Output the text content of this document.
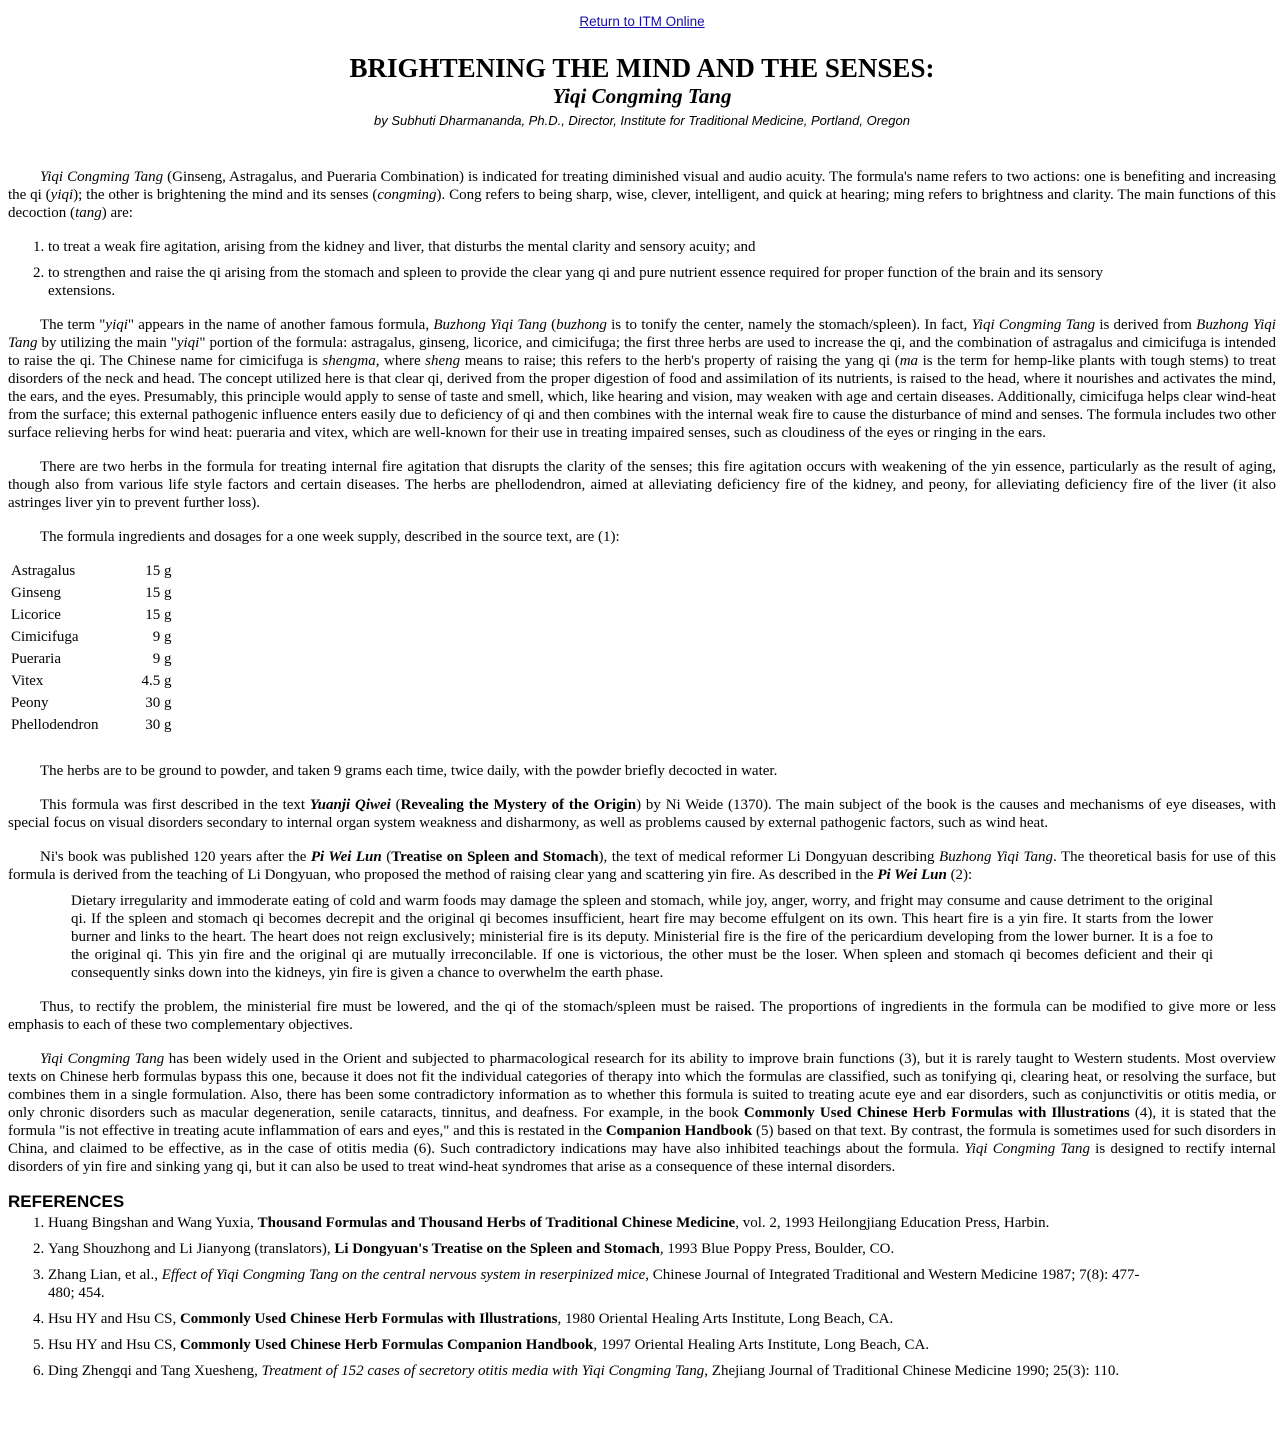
Return to ITM Online
BRIGHTENING THE MIND AND THE SENSES:
Yiqi Congming Tang
by Subhuti Dharmananda, Ph.D., Director, Institute for Traditional Medicine, Portland, Oregon

Yiqi Congming Tang (Ginseng, Astragalus, and Pueraria Combination) is indicated for treating diminished visual and audio acuity. The formula's name refers to two actions: one is benefiting and increasing the qi (yiqi); the other is brightening the mind and its senses (congming). Cong refers to being sharp, wise, clever, intelligent, and quick at hearing; ming refers to brightness and clarity. The main functions of this decoction (tang) are:

1. to treat a weak fire agitation, arising from the kidney and liver, that disturbs the mental clarity and sensory acuity; and
2. to strengthen and raise the qi arising from the stomach and spleen to provide the clear yang qi and pure nutrient essence required for proper function of the brain and its sensory extensions.

The term "yiqi" appears in the name of another famous formula, Buzhong Yiqi Tang (buzhong is to tonify the center, namely the stomach/spleen). In fact, Yiqi Congming Tang is derived from Buzhong Yiqi Tang by utilizing the main "yiqi" portion of the formula: astragalus, ginseng, licorice, and cimicifuga; the first three herbs are used to increase the qi, and the combination of astragalus and cimicifuga is intended to raise the qi. The Chinese name for cimicifuga is shengma, where sheng means to raise; this refers to the herb's property of raising the yang qi (ma is the term for hemp-like plants with tough stems) to treat disorders of the neck and head. The concept utilized here is that clear qi, derived from the proper digestion of food and assimilation of its nutrients, is raised to the head, where it nourishes and activates the mind, the ears, and the eyes. Presumably, this principle would apply to sense of taste and smell, which, like hearing and vision, may weaken with age and certain diseases. Additionally, cimicifuga helps clear wind-heat from the surface; this external pathogenic influence enters easily due to deficiency of qi and then combines with the internal weak fire to cause the disturbance of mind and senses. The formula includes two other surface relieving herbs for wind heat: pueraria and vitex, which are well-known for their use in treating impaired senses, such as cloudiness of the eyes or ringing in the ears.

There are two herbs in the formula for treating internal fire agitation that disrupts the clarity of the senses; this fire agitation occurs with weakening of the yin essence, particularly as the result of aging, though also from various life style factors and certain diseases. The herbs are phellodendron, aimed at alleviating deficiency fire of the kidney, and peony, for alleviating deficiency fire of the liver (it also astringes liver yin to prevent further loss).

The formula ingredients and dosages for a one week supply, described in the source text, are (1):

Astragalus	15 g
Ginseng	15 g
Licorice	15 g
Cimicifuga	9 g
Pueraria	9 g
Vitex	4.5 g
Peony	30 g
Phellodendron	30 g

The herbs are to be ground to powder, and taken 9 grams each time, twice daily, with the powder briefly decocted in water.

This formula was first described in the text Yuanji Qiwei (Revealing the Mystery of the Origin) by Ni Weide (1370). The main subject of the book is the causes and mechanisms of eye diseases, with special focus on visual disorders secondary to internal organ system weakness and disharmony, as well as problems caused by external pathogenic factors, such as wind heat.

Ni's book was published 120 years after the Pi Wei Lun (Treatise on Spleen and Stomach), the text of medical reformer Li Dongyuan describing Buzhong Yiqi Tang. The theoretical basis for use of this formula is derived from the teaching of Li Dongyuan, who proposed the method of raising clear yang and scattering yin fire. As described in the Pi Wei Lun (2):

Dietary irregularity and immoderate eating of cold and warm foods may damage the spleen and stomach, while joy, anger, worry, and fright may consume and cause detriment to the original qi. If the spleen and stomach qi becomes decrepit and the original qi becomes insufficient, heart fire may become effulgent on its own. This heart fire is a yin fire. It starts from the lower burner and links to the heart. The heart does not reign exclusively; ministerial fire is its deputy. Ministerial fire is the fire of the pericardium developing from the lower burner. It is a foe to the original qi. This yin fire and the original qi are mutually irreconcilable. If one is victorious, the other must be the loser. When spleen and stomach qi becomes deficient and their qi consequently sinks down into the kidneys, yin fire is given a chance to overwhelm the earth phase.

Thus, to rectify the problem, the ministerial fire must be lowered, and the qi of the stomach/spleen must be raised. The proportions of ingredients in the formula can be modified to give more or less emphasis to each of these two complementary objectives.

Yiqi Congming Tang has been widely used in the Orient and subjected to pharmacological research for its ability to improve brain functions (3), but it is rarely taught to Western students. Most overview texts on Chinese herb formulas bypass this one, because it does not fit the individual categories of therapy into which the formulas are classified, such as tonifying qi, clearing heat, or resolving the surface, but combines them in a single formulation. Also, there has been some contradictory information as to whether this formula is suited to treating acute eye and ear disorders, such as conjunctivitis or otitis media, or only chronic disorders such as macular degeneration, senile cataracts, tinnitus, and deafness. For example, in the book Commonly Used Chinese Herb Formulas with Illustrations (4), it is stated that the formula "is not effective in treating acute inflammation of ears and eyes," and this is restated in the Companion Handbook (5) based on that text. By contrast, the formula is sometimes used for such disorders in China, and claimed to be effective, as in the case of otitis media (6). Such contradictory indications may have also inhibited teachings about the formula. Yiqi Congming Tang is designed to rectify internal disorders of yin fire and sinking yang qi, but it can also be used to treat wind-heat syndromes that arise as a consequence of these internal disorders.

REFERENCES
1. Huang Bingshan and Wang Yuxia, Thousand Formulas and Thousand Herbs of Traditional Chinese Medicine, vol. 2, 1993 Heilongjiang Education Press, Harbin.
2. Yang Shouzhong and Li Jianyong (translators), Li Dongyuan's Treatise on the Spleen and Stomach, 1993 Blue Poppy Press, Boulder, CO.
3. Zhang Lian, et al., Effect of Yiqi Congming Tang on the central nervous system in reserpinized mice, Chinese Journal of Integrated Traditional and Western Medicine 1987; 7(8): 477-480; 454.
4. Hsu HY and Hsu CS, Commonly Used Chinese Herb Formulas with Illustrations, 1980 Oriental Healing Arts Institute, Long Beach, CA.
5. Hsu HY and Hsu CS, Commonly Used Chinese Herb Formulas Companion Handbook, 1997 Oriental Healing Arts Institute, Long Beach, CA.
6. Ding Zhengqi and Tang Xuesheng, Treatment of 152 cases of secretory otitis media with Yiqi Congming Tang, Zhejiang Journal of Traditional Chinese Medicine 1990; 25(3): 110.
